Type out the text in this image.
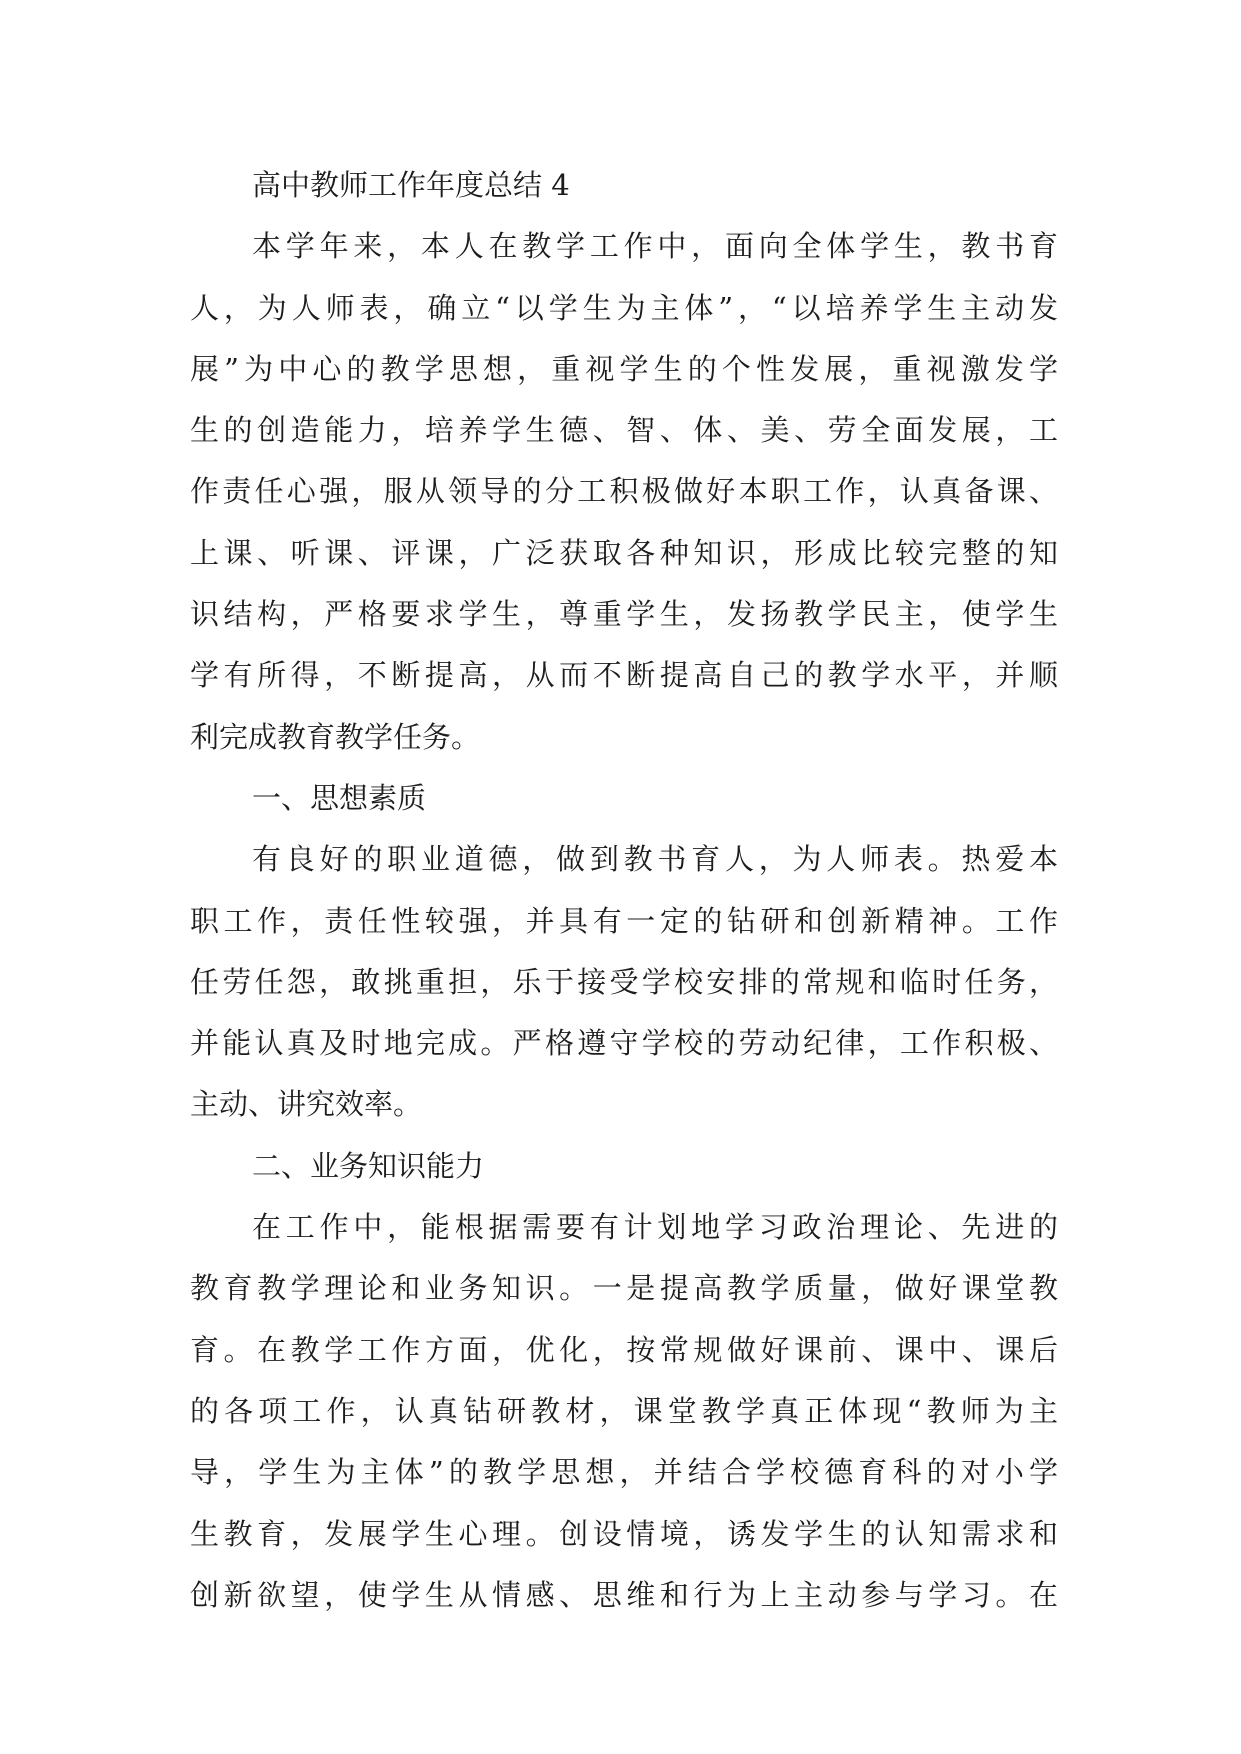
高中教师工作年度总结 4
本学年来，本人在教学工作中，面向全体学生，教书育
人，为人师表，确立“以学生为主体”，“以培养学生主动发
展”为中心的教学思想，重视学生的个性发展，重视激发学
生的创造能力，培养学生德、智、体、美、劳全面发展，工
作责任心强，服从领导的分工积极做好本职工作，认真备课、
上课、听课、评课，广泛获取各种知识，形成比较完整的知
识结构，严格要求学生，尊重学生，发扬教学民主，使学生
学有所得，不断提高，从而不断提高自己的教学水平，并顺
利完成教育教学任务。
一、思想素质
有良好的职业道德，做到教书育人，为人师表。热爱本
职工作，责任性较强，并具有一定的钻研和创新精神。工作
任劳任怨，敢挑重担，乐于接受学校安排的常规和临时任务，
并能认真及时地完成。严格遵守学校的劳动纪律，工作积极、
主动、讲究效率。
二、业务知识能力
在工作中，能根据需要有计划地学习政治理论、先进的
教育教学理论和业务知识。一是提高教学质量，做好课堂教
育。在教学工作方面，优化，按常规做好课前、课中、课后
的各项工作，认真钻研教材，课堂教学真正体现“教师为主
导，学生为主体”的教学思想，并结合学校德育科的对小学
生教育，发展学生心理。创设情境，诱发学生的认知需求和
创新欲望，使学生从情感、思维和行为上主动参与学习。在
